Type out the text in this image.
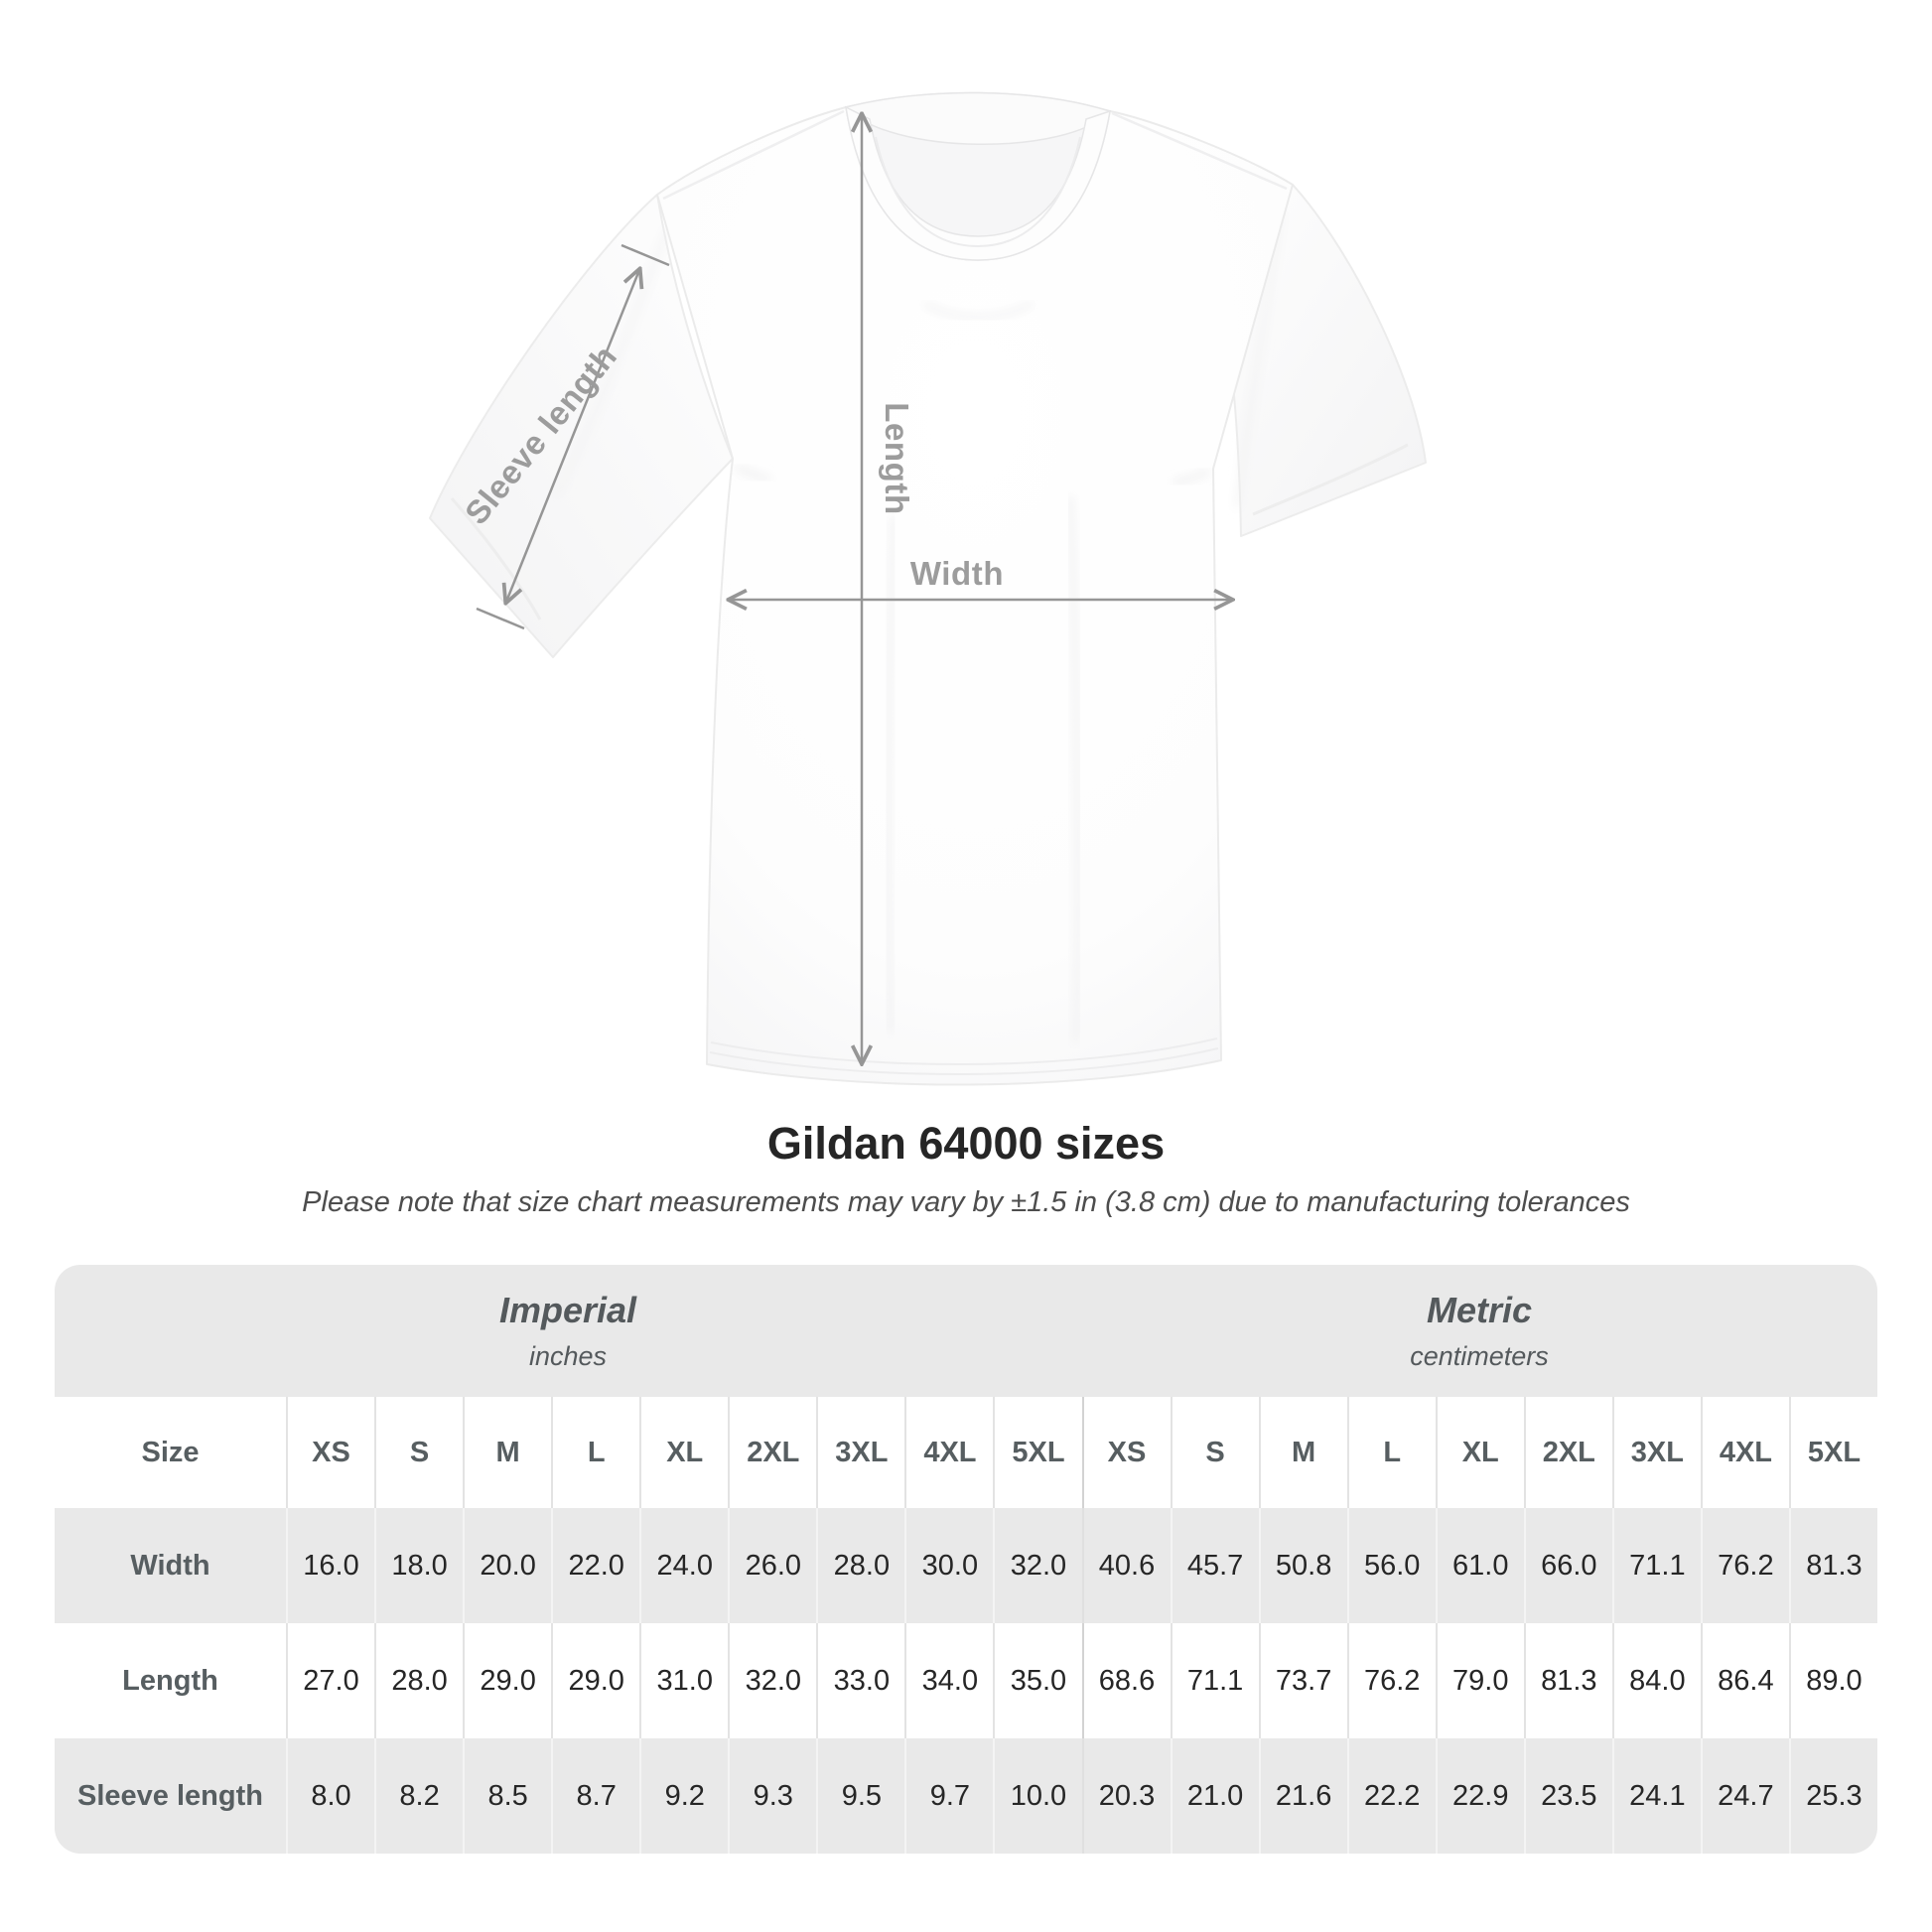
Sleeve length	Length
Width
Gildan 64000 sizes

Please note that size chart measurements may vary by ±1.5 in (3.8 cm) due to manufacturing tolerances

Imperial
inches
Metric
centimeters
Size	XS	S	M	L	XL	2XL	3XL	4XL	5XL	XS	S	M	L	XL	2XL	3XL	4XL	5XL
Width	16.0	18.0	20.0	22.0	24.0	26.0	28.0	30.0	32.0	40.6	45.7	50.8	56.0	61.0	66.0	71.1	76.2	81.3
Length	27.0	28.0	29.0	29.0	31.0	32.0	33.0	34.0	35.0	68.6	71.1	73.7	76.2	79.0	81.3	84.0	86.4	89.0
Sleeve length	8.0	8.2	8.5	8.7	9.2	9.3	9.5	9.7	10.0	20.3	21.0	21.6	22.2	22.9	23.5	24.1	24.7	25.3
